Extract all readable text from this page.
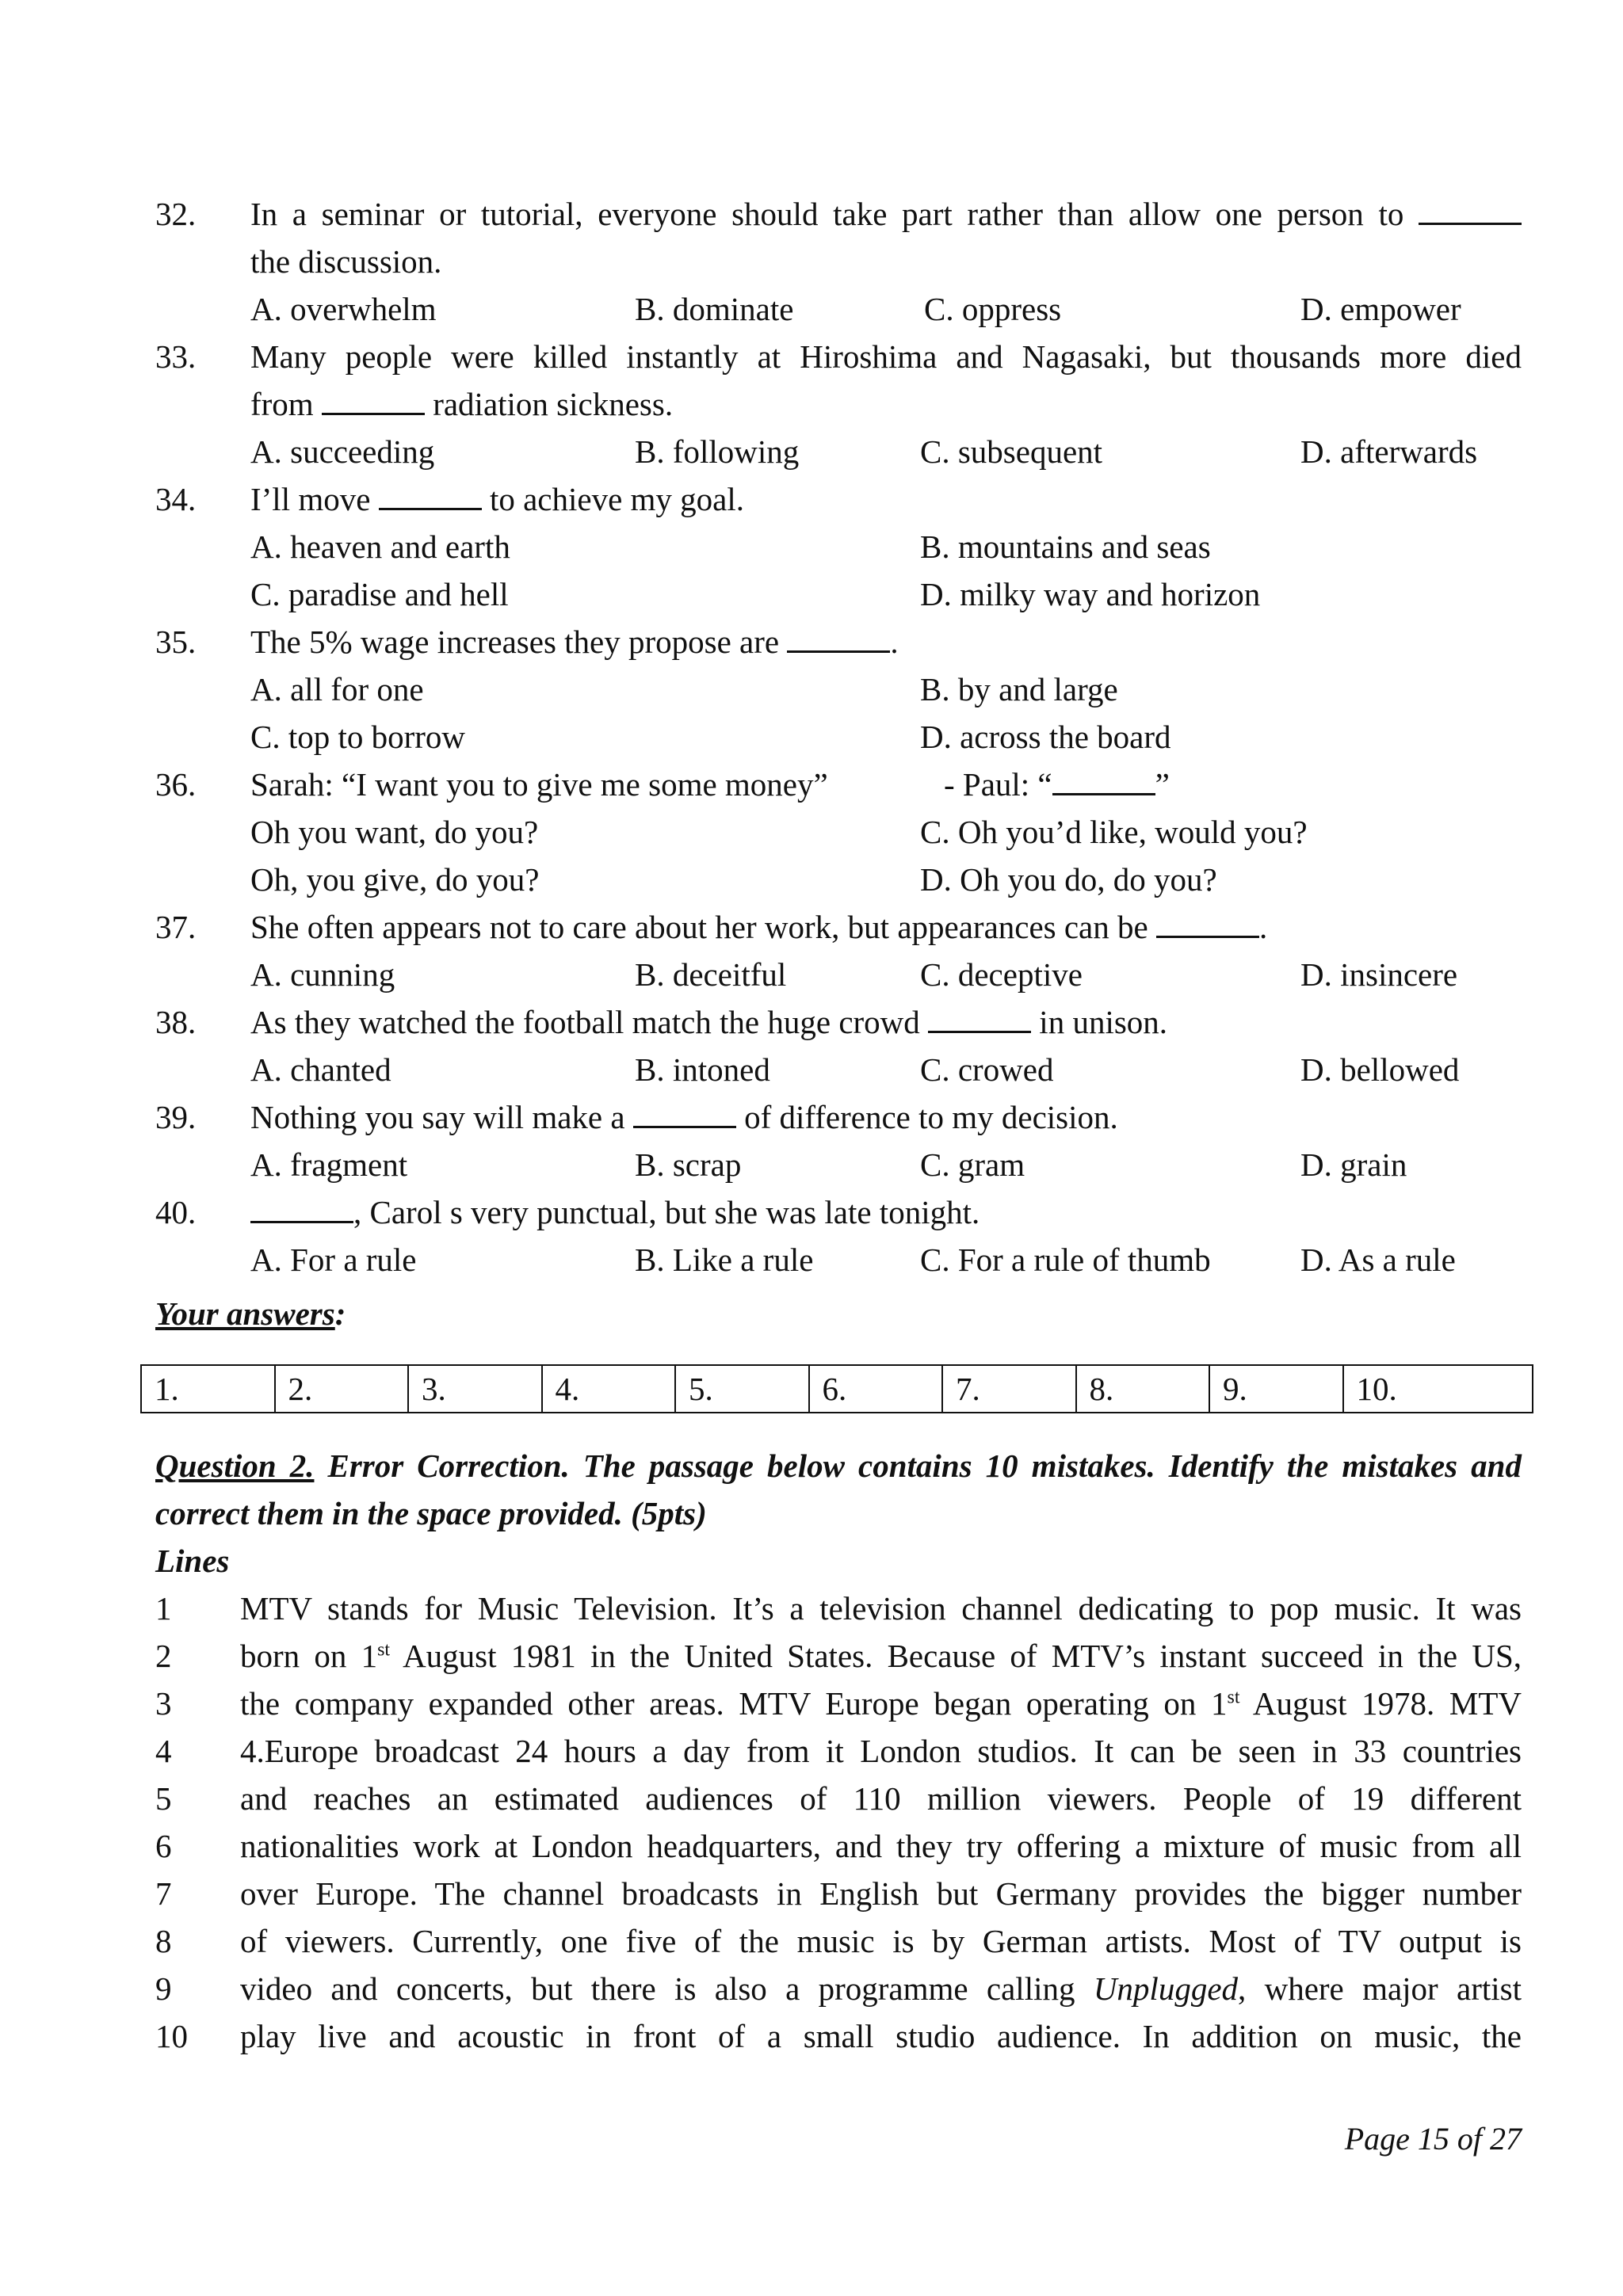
32. In a seminar or tutorial, everyone should take part rather than allow one person to
the discussion.
A. overwhelm	B. dominate	C. oppress	D. empower
33. Many people were killed instantly at Hiroshima and Nagasaki, but thousands more died
from	radiation sickness.
A. succeeding	B. following	C. subsequent	D. afterwards
34. I’ll move	to achieve my goal.
A. heaven and earth	B. mountains and seas
C. paradise and hell	D. milky way and horizon
35. The 5% wage increases they propose are	.
A. all for one	B. by and large
C. top to borrow	D. across the board
36. Sarah: “I want you to give me some money”	- Paul: “	”
Oh you want, do you?	C. Oh you’d like, would you?
Oh, you give, do you?	D. Oh you do, do you?
37. She often appears not to care about her work, but appearances can be	.
A. cunning	B. deceitful	C. deceptive	D. insincere
38. As they watched the football match the huge crowd	in unison.
A. chanted	B. intoned	C. crowed	D. bellowed
39. Nothing you say will make a	of difference to my decision.
A. fragment	B. scrap	C. gram	D. grain
40.	, Carol s very punctual, but she was late tonight.
A. For a rule	B. Like a rule	C. For a rule of thumb	D. As a rule
Your answers:
1.	2.	3.	4.	5.	6.	7.	8.	9.	10.
Question 2. Error Correction. The passage below contains 10 mistakes. Identify the mistakes and correct them in the space provided. (5pts)
Lines
1 MTV stands for Music Television. It’s a television channel dedicating to pop music. It was
2 born on 1st August 1981 in the United States. Because of MTV’s instant succeed in the US,
3 the company expanded other areas. MTV Europe began operating on 1st August 1978. MTV
4 4.Europe broadcast 24 hours a day from it London studios. It can be seen in 33 countries
5 and reaches an estimated audiences of 110 million viewers. People of 19 different
6 nationalities work at London headquarters, and they try offering a mixture of music from all
7 over Europe. The channel broadcasts in English but Germany provides the bigger number
8 of viewers. Currently, one five of the music is by German artists. Most of TV output is
9 video and concerts, but there is also a programme calling Unplugged, where major artist
10 play live and acoustic in front of a small studio audience. In addition on music, the
Page 15 of 27
